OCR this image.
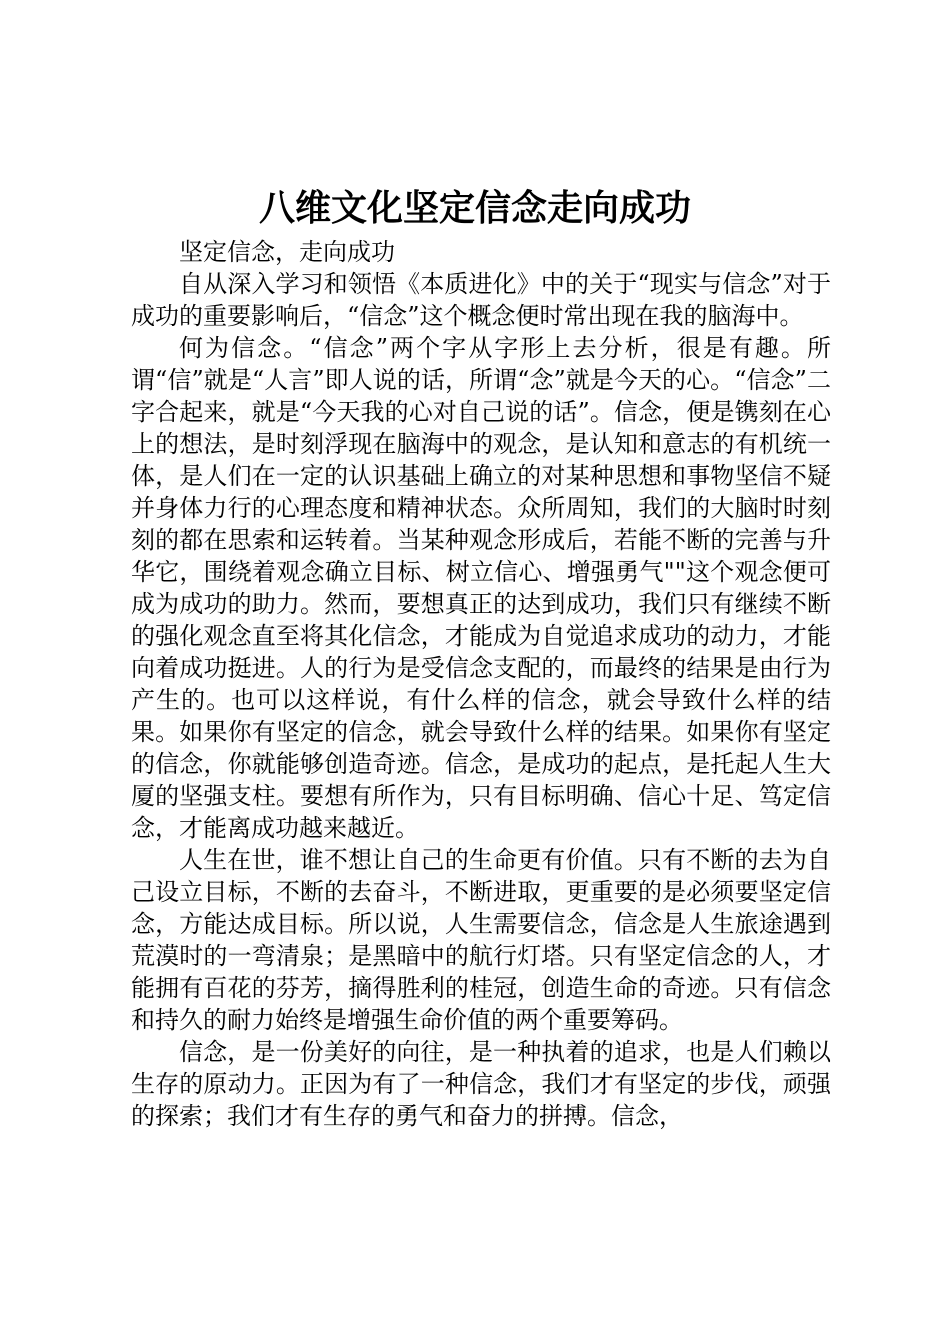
八维文化坚定信念走向成功

坚定信念，走向成功

自从深入学习和领悟《本质进化》中的关于“现实与信念”对于成功的重要影响后，“信念”这个概念便时常出现在我的脑海中。

何为信念。“信念”两个字从字形上去分析，很是有趣。所谓“信”就是“人言”即人说的话，所谓“念”就是今天的心。“信念”二字合起来，就是“今天我的心对自己说的话”。信念，便是镌刻在心上的想法，是时刻浮现在脑海中的观念，是认知和意志的有机统一体，是人们在一定的认识基础上确立的对某种思想和事物坚信不疑并身体力行的心理态度和精神状态。众所周知，我们的大脑时时刻刻的都在思索和运转着。当某种观念形成后，若能不断的完善与升华它，围绕着观念确立目标、树立信心、增强勇气""这个观念便可成为成功的助力。然而，要想真正的达到成功，我们只有继续不断的强化观念直至将其化信念，才能成为自觉追求成功的动力，才能向着成功挺进。人的行为是受信念支配的，而最终的结果是由行为产生的。也可以这样说，有什么样的信念，就会导致什么样的结果。如果你有坚定的信念，就会导致什么样的结果。如果你有坚定的信念，你就能够创造奇迹。信念，是成功的起点，是托起人生大厦的坚强支柱。要想有所作为，只有目标明确、信心十足、笃定信念，才能离成功越来越近。

人生在世，谁不想让自己的生命更有价值。只有不断的去为自己设立目标，不断的去奋斗，不断进取，更重要的是必须要坚定信念，方能达成目标。所以说，人生需要信念，信念是人生旅途遇到荒漠时的一弯清泉；是黑暗中的航行灯塔。只有坚定信念的人，才能拥有百花的芬芳，摘得胜利的桂冠，创造生命的奇迹。只有信念和持久的耐力始终是增强生命价值的两个重要筹码。

信念，是一份美好的向往，是一种执着的追求，也是人们赖以生存的原动力。正因为有了一种信念，我们才有坚定的步伐，顽强的探索；我们才有生存的勇气和奋力的拼搏。信念，
